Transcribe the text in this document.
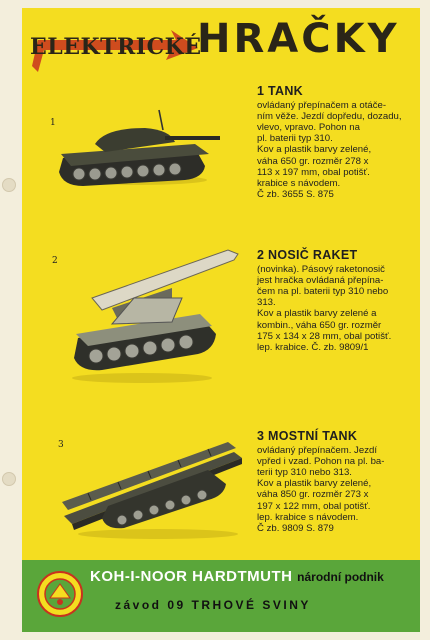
ELEKTRICKÉ
HRAČKY
1
1 TANK

ovládaný přepínačem a otáče-
ním věže. Jezdí dopředu, dozadu,
vlevo, vpravo. Pohon na
pl. baterii typ 310.
Kov a plastik barvy zelené,
váha 650 gr. rozměr 278 x
113 x 197 mm, obal potišť.
krabice s návodem.
Č zb. 3655 S. 875

2	2 NOSIČ RAKET

(novinka). Pásový raketonosič
jest hračka ovládaná přepína-
čem na pl. baterii typ 310 nebo
313.
Kov a plastik barvy zelené a
kombin., váha 650 gr. rozměr
175 x 134 x 28 mm, obal potišť.
lep. krabice. Č. zb. 9809/1

3
3 MOSTNÍ TANK

ovládaný přepínačem. Jezdí
vpřed i vzad. Pohon na pl. ba-
terii typ 310 nebo 313.
Kov a plastik barvy zelené,
váha 850 gr. rozměr 273 x
197 x 122 mm, obal potišť.
lep. krabice s návodem.
Č zb. 9809 S. 879

KOH-I-NOOR HARDTMUTH národní podnik
závod 09 TRHOVÉ SVINY
